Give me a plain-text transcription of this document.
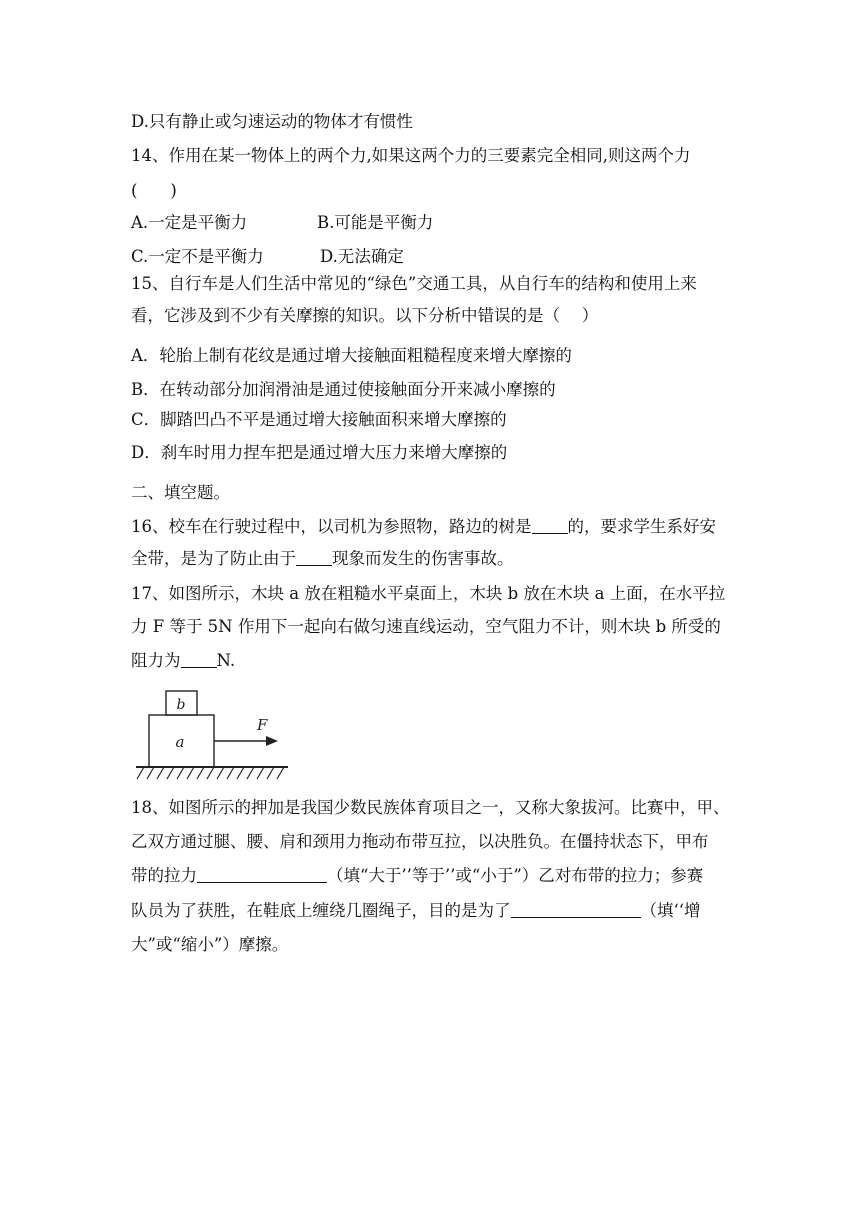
D.只有静止或匀速运动的物体才有惯性
14、作用在某一物体上的两个力,如果这两个力的三要素完全相同,则这两个力
(　　)
A.一定是平衡力	B.可能是平衡力
C.一定不是平衡力	D.无法确定
15、自行车是人们生活中常见的“绿色”交通工具，从自行车的结构和使用上来
看，它涉及到不少有关摩擦的知识。以下分析中错误的是（　 ）
A．轮胎上制有花纹是通过增大接触面粗糙程度来增大摩擦的
B．在转动部分加润滑油是通过使接触面分开来减小摩擦的
C．脚踏凹凸不平是通过增大接触面积来增大摩擦的
D．刹车时用力捏车把是通过增大压力来增大摩擦的
二、填空题。
16、校车在行驶过程中，以司机为参照物，路边的树是 的，要求学生系好安
全带，是为了防止由于 现象而发生的伤害事故。
17、如图所示，木块 a 放在粗糙水平桌面上，木块 b 放在木块 a 上面，在水平拉
力 F 等于 5N 作用下一起向右做匀速直线运动，空气阻力不计，则木块 b 所受的
阻力为 N.
b
a
F
18、如图所示的押加是我国少数民族体育项目之一，又称大象拔河。比赛中，甲、
乙双方通过腿、腰、肩和颈用力拖动布带互拉，以决胜负。在僵持状态下，甲布
带的拉力	（填“大于’’等于’’或“小于”）乙对布带的拉力；参赛
队员为了获胜，在鞋底上缠绕几圈绳子，目的是为了	（填‘‘增
大”或“缩小”）摩擦。
